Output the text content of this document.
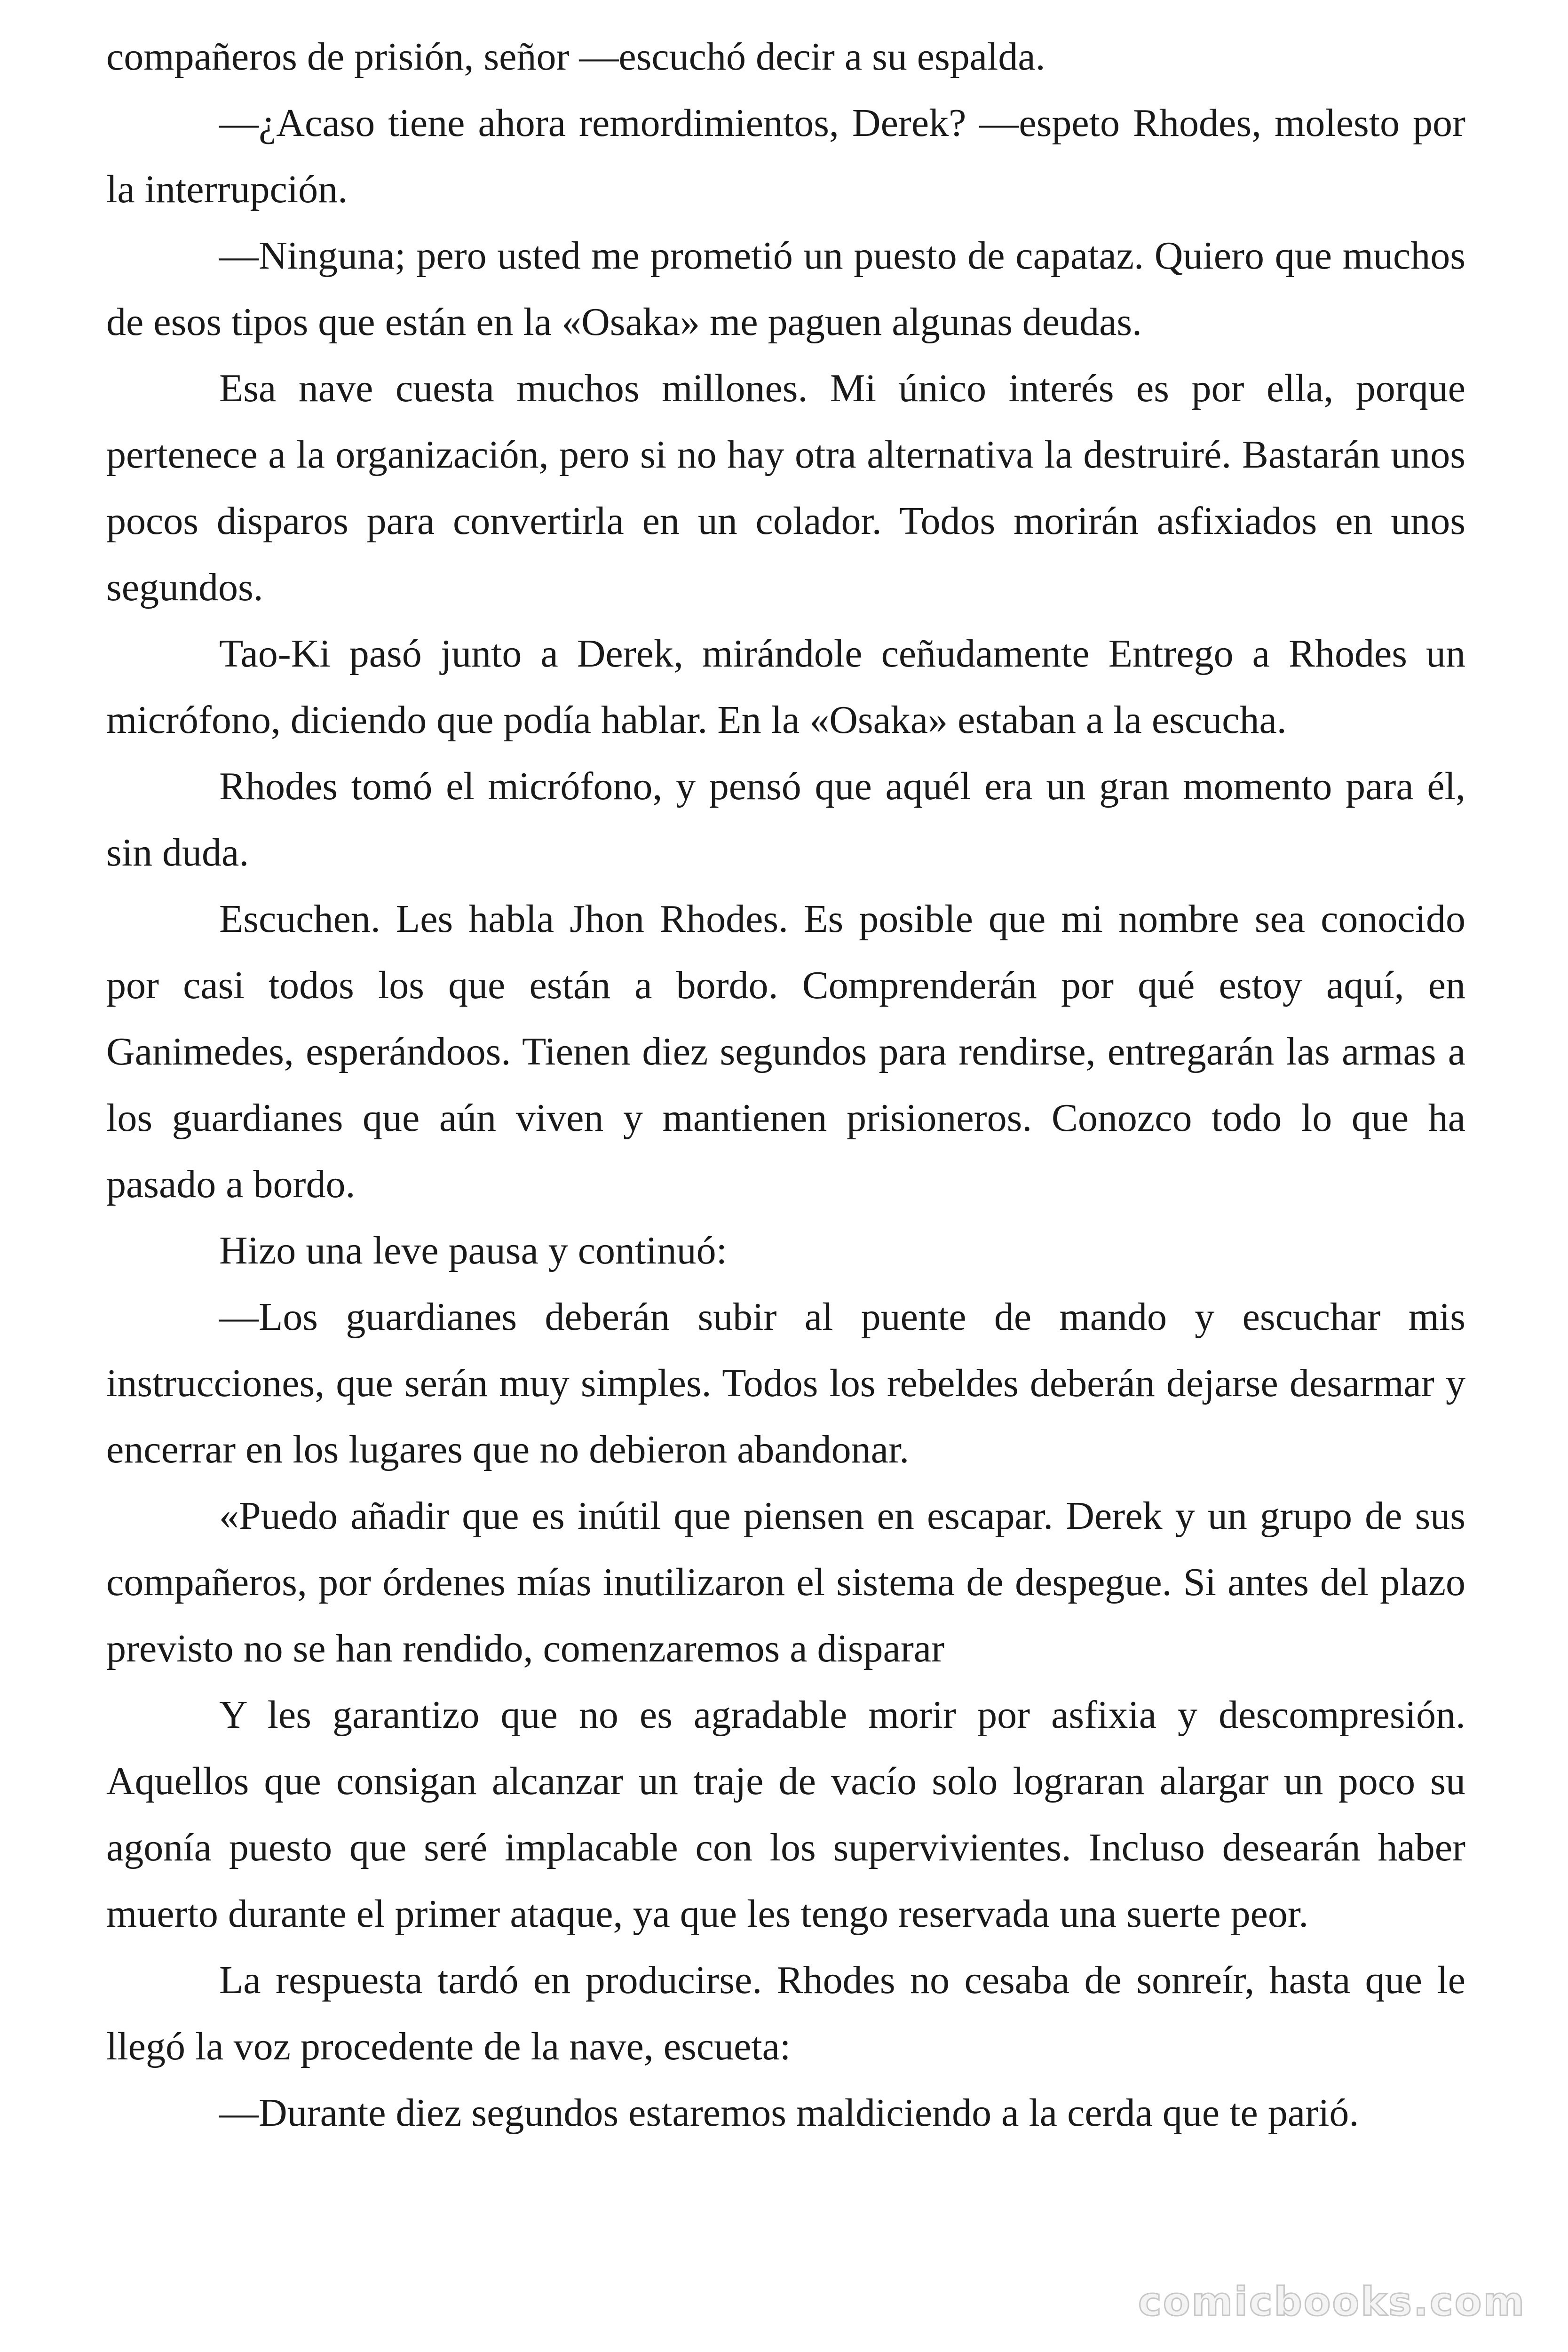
compañeros de prisión, señor —escuchó decir a su espalda.

—¿Acaso tiene ahora remordimientos, Derek? —espeto Rhodes, molesto por la interrupción.

—Ninguna; pero usted me prometió un puesto de capataz. Quiero que muchos de esos tipos que están en la «Osaka» me paguen algunas deudas.

Esa nave cuesta muchos millones. Mi único interés es por ella, porque pertenece a la organización, pero si no hay otra alternativa la destruiré. Bastarán unos pocos disparos para convertirla en un colador. Todos morirán asfixiados en unos segundos.

Tao-Ki pasó junto a Derek, mirándole ceñudamente Entrego a Rhodes un micrófono, diciendo que podía hablar. En la «Osaka» estaban a la escucha.

Rhodes tomó el micrófono, y pensó que aquél era un gran momento para él, sin duda.

Escuchen. Les habla Jhon Rhodes. Es posible que mi nombre sea conocido por casi todos los que están a bordo. Comprenderán por qué estoy aquí, en Ganimedes, esperándoos. Tienen diez segundos para rendirse, entregarán las armas a los guardianes que aún viven y mantienen prisioneros. Conozco todo lo que ha pasado a bordo.

Hizo una leve pausa y continuó:

—Los guardianes deberán subir al puente de mando y escuchar mis instrucciones, que serán muy simples. Todos los rebeldes deberán dejarse desarmar y encerrar en los lugares que no debieron abandonar.

«Puedo añadir que es inútil que piensen en escapar. Derek y un grupo de sus compañeros, por órdenes mías inutilizaron el sistema de despegue. Si antes del plazo previsto no se han rendido, comenzaremos a disparar

Y les garantizo que no es agradable morir por asfixia y descompresión. Aquellos que consigan alcanzar un traje de vacío solo lograran alargar un poco su agonía puesto que seré implacable con los supervivientes. Incluso desearán haber muerto durante el primer ataque, ya que les tengo reservada una suerte peor.

La respuesta tardó en producirse. Rhodes no cesaba de sonreír, hasta que le llegó la voz procedente de la nave, escueta:

—Durante diez segundos estaremos maldiciendo a la cerda que te parió.

comicbooks.com
